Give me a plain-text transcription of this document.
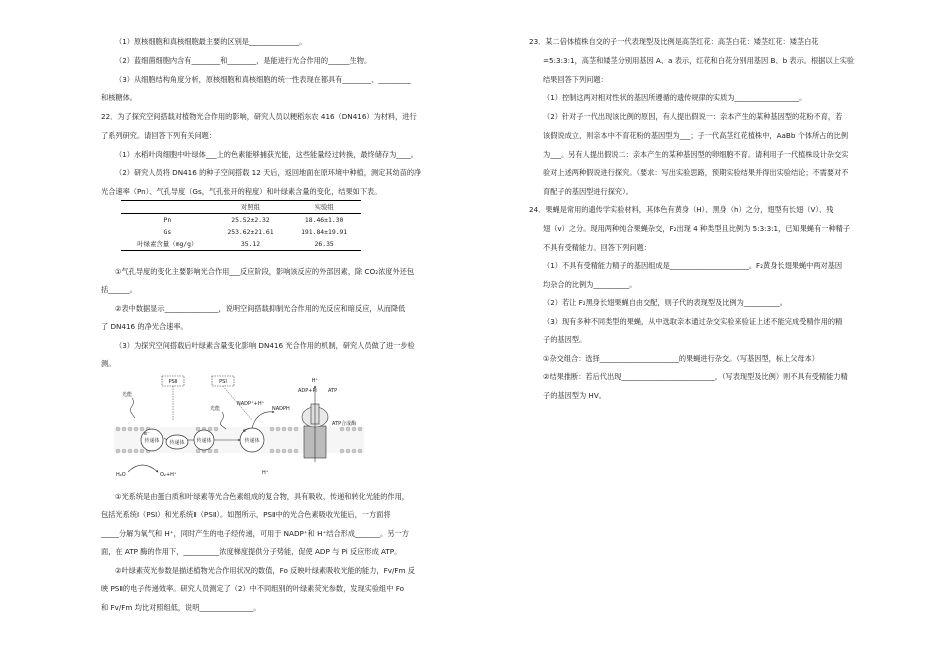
（1）原核细胞和真核细胞最主要的区别是______________。
（2）蓝细菌细胞内含有________和________，是能进行光合作用的______生物。
（3）从细胞结构角度分析，原核细胞和真核细胞的统一性表现在都具有________、_________
和核糖体。
22．为了探究空间搭载对植物光合作用的影响，研究人员以粳稻东农 416（DN416）为材料，进行
了系列研究。请回答下列有关问题：
（1）水稻叶肉细胞中叶绿体___上的色素能够捕获光能，这些能量经过转换，最终储存为____。
（2）研究人员将 DN416 的种子空间搭载 12 天后，返回地面在原环境中种植，测定其幼苗的净
光合速率（Pn）、气孔导度（Gs，气孔张开的程度）和叶绿素含量的变化，结果如下表。
	对照组	实验组
Pn	25.52±2.32	18.46±1.30
Gs	253.62±21.61	191.84±19.91
叶绿素含量（mg/g）	35.12	26.35
①气孔导度的变化主要影响光合作用___反应阶段，影响该反应的外部因素，除 CO₂浓度外还包
括______。
②表中数据显示_______________，说明空间搭载抑制光合作用的光反应和暗反应，从而降低
了 DN416 的净光合速率。
（3）为探究空间搭载后叶绿素含量变化影响 DN416 光合作用的机制，研究人员做了进一步检
测。
①光系统是由蛋白质和叶绿素等光合色素组成的复合物，具有吸收、传递和转化光能的作用，
包括光系统Ⅰ（PSⅠ）和光系统Ⅱ（PSⅡ）。如图所示，PSⅡ中的光合色素吸收光能后，一方面将
_____分解为氧气和 H⁺，同时产生的电子经传递，可用于 NADP⁺和 H⁺结合形成_______。另一方
面，在 ATP 酶的作用下，__________浓度梯度提供分子势能，促使 ADP 与 Pi 反应形成 ATP。
②叶绿素荧光参数是描述植物光合作用状况的数值，Fo 反映叶绿素吸收光能的能力，Fv/Fm 反
映 PSⅡ的电子传递效率。研究人员测定了（2）中不同组别的叶绿素荧光参数，发现实验组中 Fo
和 Fv/Fm 均比对照组低，说明_______________。
PSⅡ	PSⅠ
光能
光能
传递体
e⁻
传递体 传递体	传递体
e⁻
NADP⁺+H⁺
NADPH
ADP+Pi ATP
H⁺
ATP合成酶
H₂O	O₂+H⁺	H⁺
23．某二倍体植株自交的子一代表现型及比例是高茎红花：高茎白花：矮茎红花：矮茎白花
=5:3:3:1，高茎和矮茎分别用基因 A、a 表示，红花和白花分别用基因 B、b 表示。根据以上实验
结果回答下列问题：
（1）控制这两对相对性状的基因所遵循的遗传规律的实质为__________________。
（2）针对子一代出现该比例的原因，有人提出假说一：亲本产生的某种基因型的花粉不育，若
该假说成立，则亲本中不育花粉的基因型为___；子一代高茎红花植株中，AaBb 个体所占的比例
为___。另有人提出假说二：亲本产生的某种基因型的卵细胞不育。请利用子一代植株设计杂交实
验对上述两种假说进行探究。（要求：写出实验思路，预期实验结果并得出实验结论；不需要对不
育配子的基因型进行探究）。
24．果蝇是常用的遗传学实验材料，其体色有黄身（H）、黑身（h）之分，翅型有长翅（V）、残
翅（v）之分。现用两种纯合果蝇杂交，F₂出现 4 种类型且比例为 5:3:3:1，已知果蝇有一种精子
不具有受精能力。回答下列问题：
（1）不具有受精能力精子的基因组成是______________________。F₂黄身长翅果蝇中两对基因
均杂合的比例为__________。
（2）若让 F₂黑身长翅果蝇自由交配，则子代的表现型及比例为__________。
（3）现有多种不同类型的果蝇，从中选取亲本通过杂交实验来验证上述不能完成受精作用的精
子的基因型。
①杂交组合：选择______________________的果蝇进行杂交。（写基因型，标上父母本）
②结果推断：若后代出现__________________________，（写表现型及比例）则不具有受精能力精
子的基因型为 HV。
